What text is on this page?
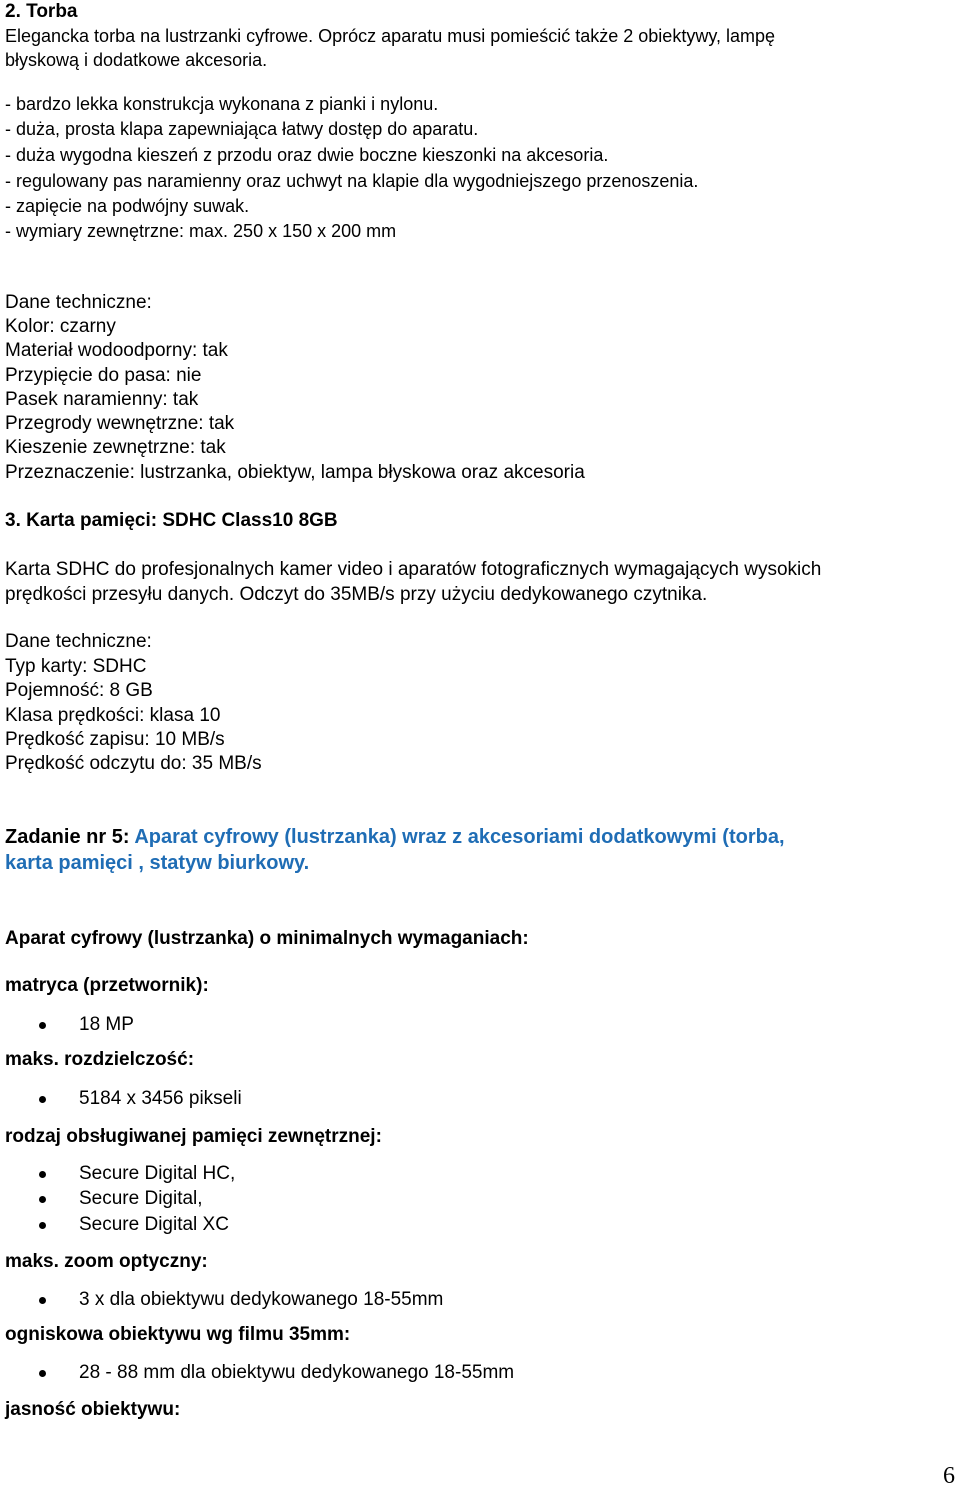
2. Torba
Elegancka torba na lustrzanki cyfrowe. Oprócz aparatu musi pomieścić także 2 obiektywy, lampę
błyskową i dodatkowe akcesoria.
- bardzo lekka konstrukcja wykonana z pianki i nylonu.
- duża, prosta klapa zapewniająca łatwy dostęp do aparatu.
- duża wygodna kieszeń z przodu oraz dwie boczne kieszonki na akcesoria.
- regulowany pas naramienny oraz uchwyt na klapie dla wygodniejszego przenoszenia.
- zapięcie na podwójny suwak.
- wymiary zewnętrzne: max. 250 x 150 x 200 mm
Dane techniczne:
Kolor: czarny
Materiał wodoodporny: tak
Przypięcie do pasa: nie
Pasek naramienny: tak
Przegrody wewnętrzne: tak
Kieszenie zewnętrzne: tak
Przeznaczenie: lustrzanka, obiektyw, lampa błyskowa oraz akcesoria
3. Karta pamięci: SDHC Class10 8GB
Karta SDHC do profesjonalnych kamer video i aparatów fotograficznych wymagających wysokich
prędkości przesyłu danych. Odczyt do 35MB/s przy użyciu dedykowanego czytnika.
Dane techniczne:
Typ karty: SDHC
Pojemność: 8 GB
Klasa prędkości: klasa 10
Prędkość zapisu: 10 MB/s
Prędkość odczytu do: 35 MB/s
Zadanie nr 5: Aparat cyfrowy (lustrzanka) wraz z akcesoriami dodatkowymi (torba,
karta pamięci , statyw biurkowy.
Aparat cyfrowy (lustrzanka) o minimalnych wymaganiach:
matryca (przetwornik):
18 MP
maks. rozdzielczość:
5184 x 3456 pikseli
rodzaj obsługiwanej pamięci zewnętrznej:
Secure Digital HC,
Secure Digital,
Secure Digital XC
maks. zoom optyczny:
3 x dla obiektywu dedykowanego 18-55mm
ogniskowa obiektywu wg filmu 35mm:
28 - 88 mm dla obiektywu dedykowanego 18-55mm
jasność obiektywu:
6
